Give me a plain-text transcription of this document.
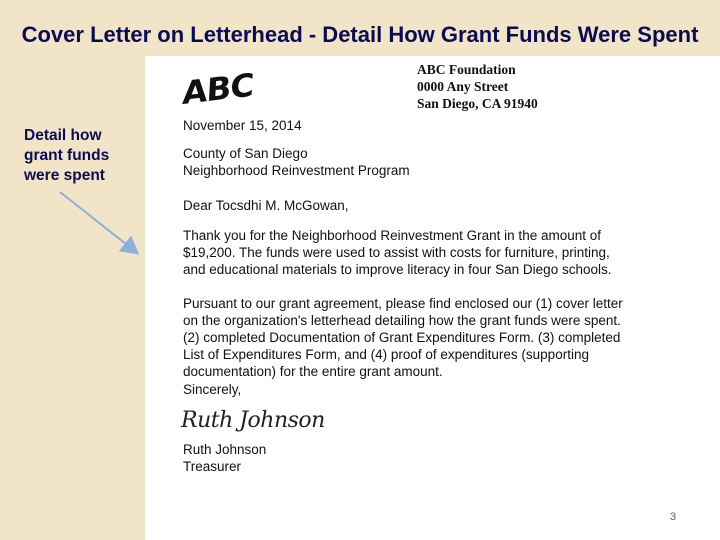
Cover Letter on Letterhead - Detail How Grant Funds Were Spent
Detail how grant funds were spent
ABC	ABC Foundation
0000 Any Street
San Diego, CA 91940
November 15, 2014
County of San Diego
Neighborhood Reinvestment Program
Dear Tocsdhi M. McGowan,
Thank you for the Neighborhood Reinvestment Grant in the amount of
$19,200. The funds were used to assist with costs for furniture, printing,
and educational materials to improve literacy in four San Diego schools.
Pursuant to our grant agreement, please find enclosed our (1) cover letter
on the organization's letterhead detailing how the grant funds were spent.
(2) completed Documentation of Grant Expenditures Form. (3) completed
List of Expenditures Form, and (4) proof of expenditures (supporting
documentation) for the entire grant amount.
Sincerely,
Ruth Johnson
Ruth Johnson
Treasurer
3
